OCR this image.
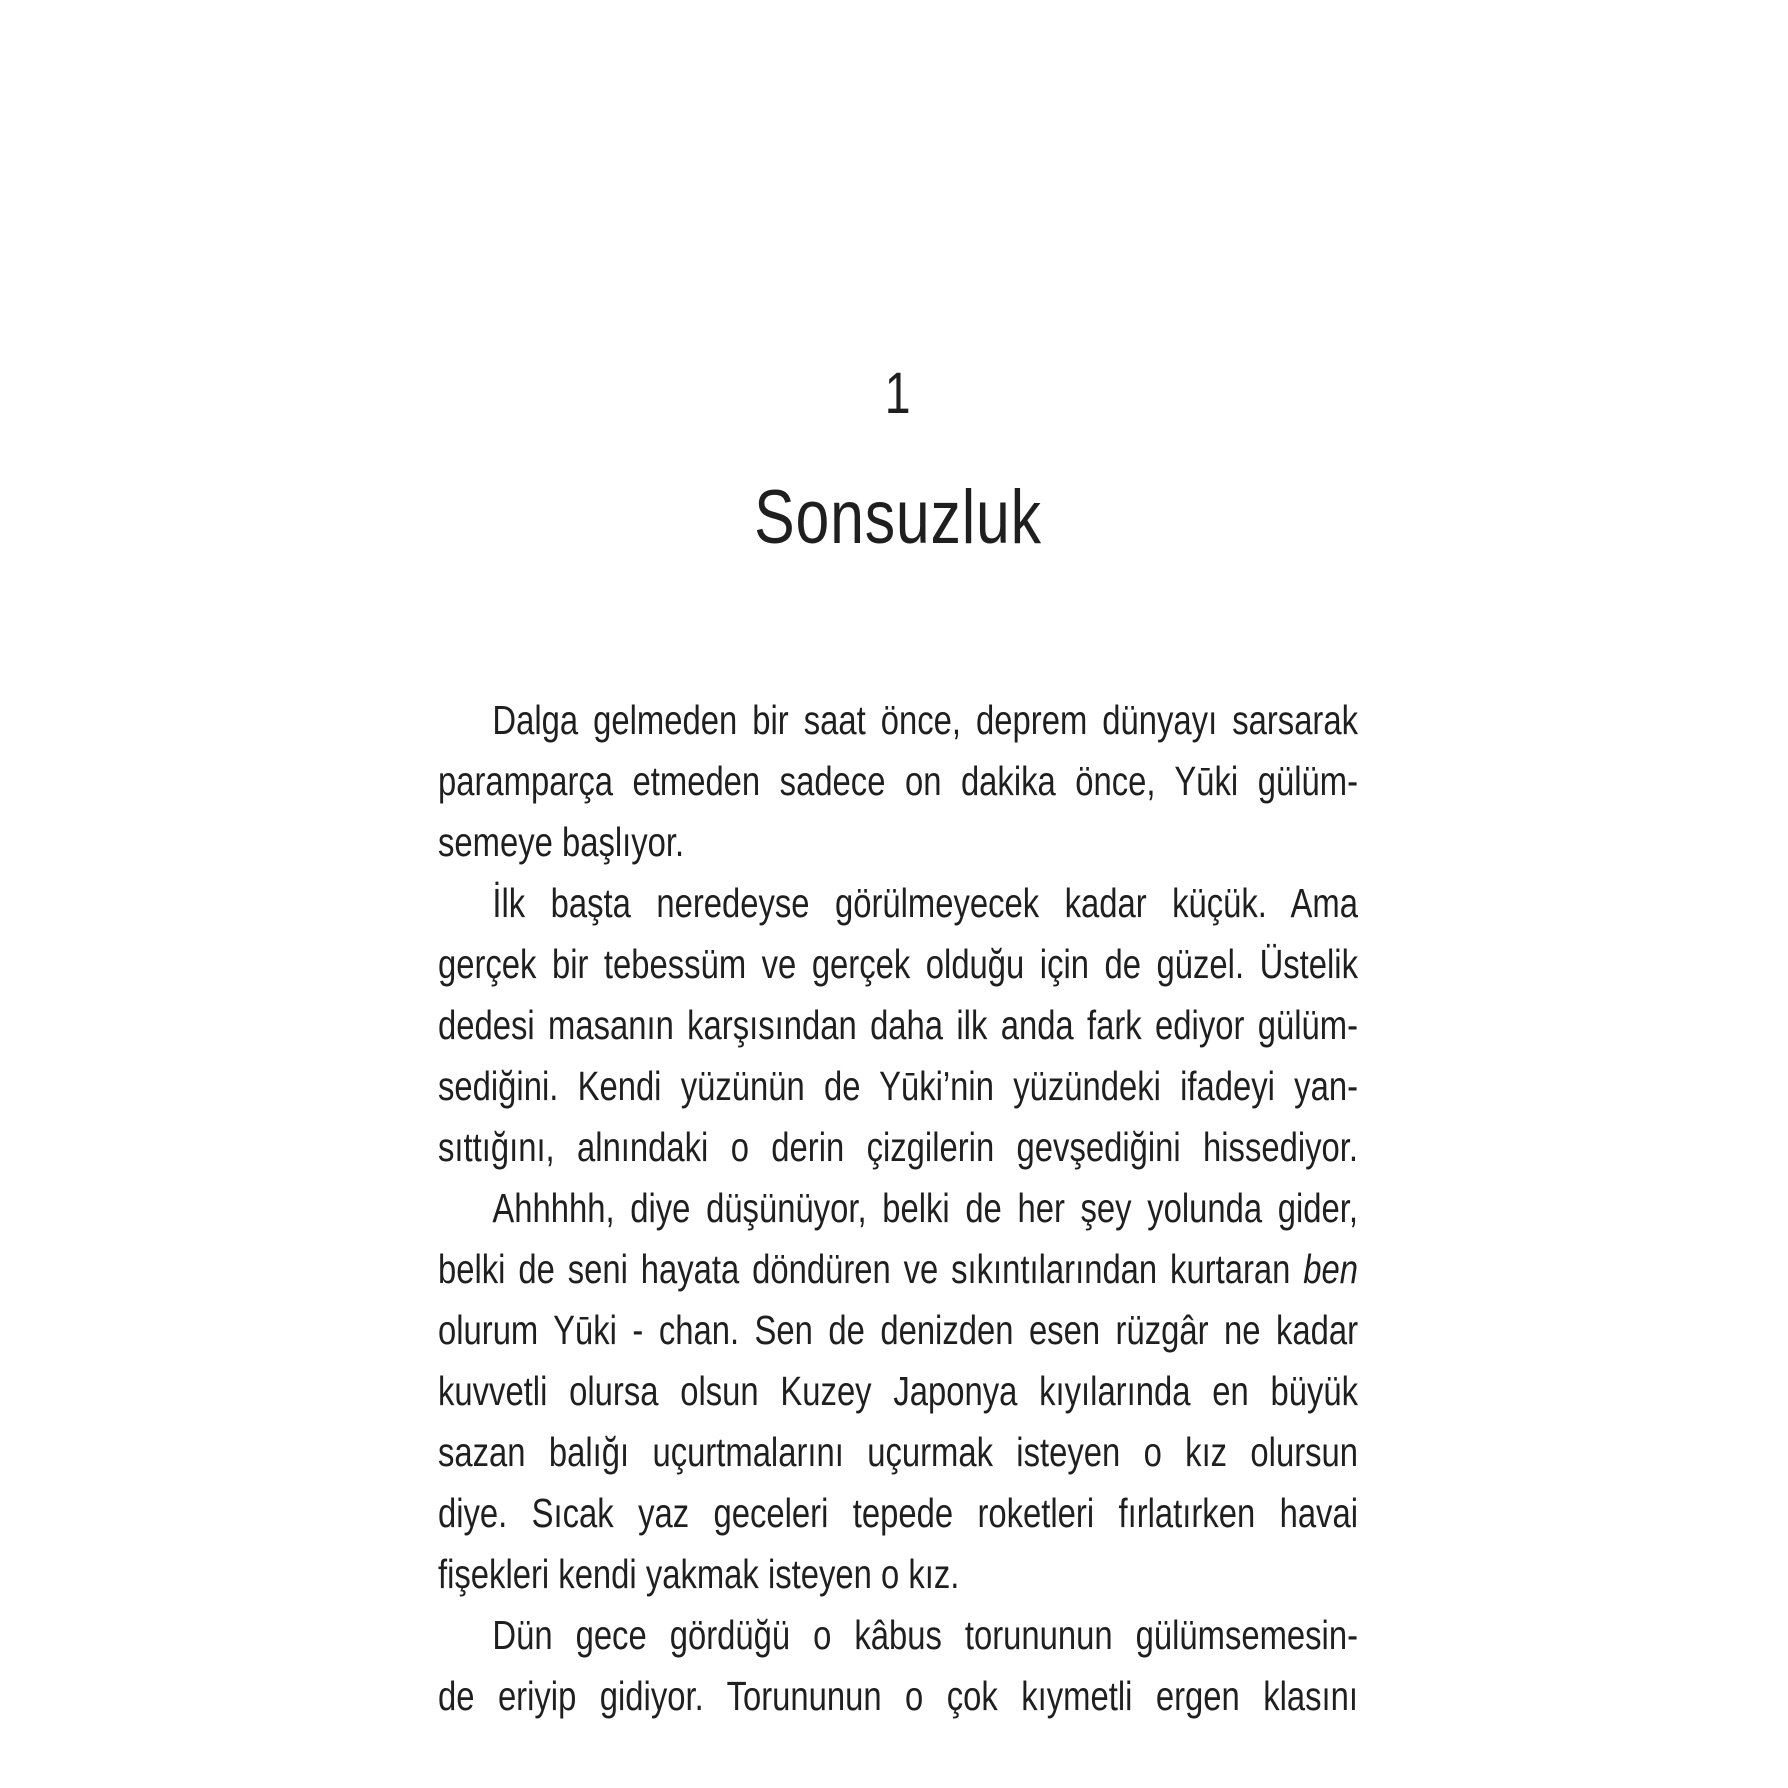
1
Sonsuzluk
Dalga gelmeden bir saat önce, deprem dünyayı sarsarak
paramparça etmeden sadece on dakika önce, Yūki gülüm-
semeye başlıyor.
İlk başta neredeyse görülmeyecek kadar küçük. Ama
gerçek bir tebessüm ve gerçek olduğu için de güzel. Üstelik
dedesi masanın karşısından daha ilk anda fark ediyor gülüm-
sediğini. Kendi yüzünün de Yūki’nin yüzündeki ifadeyi yan-
sıttığını, alnındaki o derin çizgilerin gevşediğini hissediyor.
Ahhhhh, diye düşünüyor, belki de her şey yolunda gider,
belki de seni hayata döndüren ve sıkıntılarından kurtaran ben
olurum Yūki - chan. Sen de denizden esen rüzgâr ne kadar
kuvvetli olursa olsun Kuzey Japonya kıyılarında en büyük
sazan balığı uçurtmalarını uçurmak isteyen o kız olursun
diye. Sıcak yaz geceleri tepede roketleri fırlatırken havai
fişekleri kendi yakmak isteyen o kız.
Dün gece gördüğü o kâbus torununun gülümsemesin-
de eriyip gidiyor. Torununun o çok kıymetli ergen klasını
